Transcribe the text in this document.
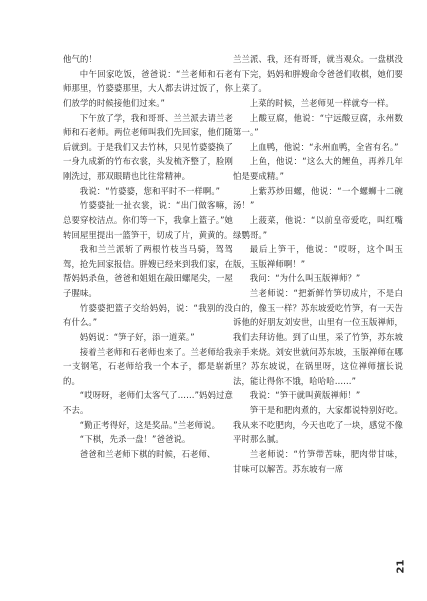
他气的！

中午回家吃饭，爸爸说：“兰老师和石老师那里，竹婆婆那里，大人都去讲过饭了，你们放学的时候接他们过来。”

下午放了学，我和哥哥、兰兰派去请兰老师和石老师。两位老师叫我们先回家，他们随后就到。于是我们又去竹林，只见竹婆婆换了一身九成新的竹布衣裳，头发梳齐整了，脸刚刚洗过，那双眼睛也比往常精神。

我说：“竹婆婆，您和平时不一样啊。”

竹婆婆扯一扯衣裳，说：“出门做客嘛，总要穿校洁点。你们等一下，我拿上篮子。”她转回屋里提出一篮笋干，切成了片，黄黄的。

我和兰兰派斩了两根竹枝当马骑，驾驾驾，抢先回家报信。胖嫂已经来到我们家，在帮妈妈杀鱼，爸爸和姐姐在敲田螺尾尖，一屋子腥味。

竹婆婆把篮子交给妈妈，说：“我别的没有什么。”

妈妈说：“笋子好，添一道菜。”

接着兰老师和石老师也来了。兰老师给我一支钢笔，石老师给我一个本子，都是崭新的。

“哎呀呀，老师们太客气了……”妈妈过意不去。

“勤正考得好，这是奖品。”兰老师说。

“下棋，先杀一盘！”爸爸说。

爸爸和兰老师下棋的时候，石老师、

兰兰派、我，还有哥哥，就当观众。一盘棋没有下完，妈妈和胖嫂命令爸爸们收棋，她们要上菜了。

上菜的时候，兰老师见一样就夸一样。

上酸豆腐，他说：“宁远酸豆腐，永州数第一。”

上血鸭，他说：“永州血鸭，全省有名。”

上鱼，他说：“这么大的鲤鱼，再养几年怕是要成精。”

上紫苏炒田螺，他说：“一个螺蛳十二碗汤！”

上菠菜，他说：“以前皇帝爱吃，叫红嘴绿鹦哥。”

最后上笋干，他说：“哎呀，这个叫玉版，玉版禅师啊！”

我问：“为什么叫玉版禅师？”

兰老师说：“把新鲜竹笋切成片，不是白白的，像玉一样？苏东坡爱吃竹笋，有一天告诉他的好朋友刘安世，山里有一位玉版禅师，我们去拜访他。到了山里，采了竹笋，苏东坡亲手来烧。刘安世就问苏东坡，玉版禅师在哪里？苏东坡说，在锅里呀，这位禅师擅长说法，能让得你不饿，哈哈哈……”

我说：“笋干就叫黄版禅师！”

笋干是和肥肉煮的，大家都说特别好吃。我从来不吃肥肉，今天也吃了一块，感觉不像平时那么腻。

兰老师说：“竹笋带苦味，肥肉带甘味，甘味可以解苦。苏东坡有一席

21
